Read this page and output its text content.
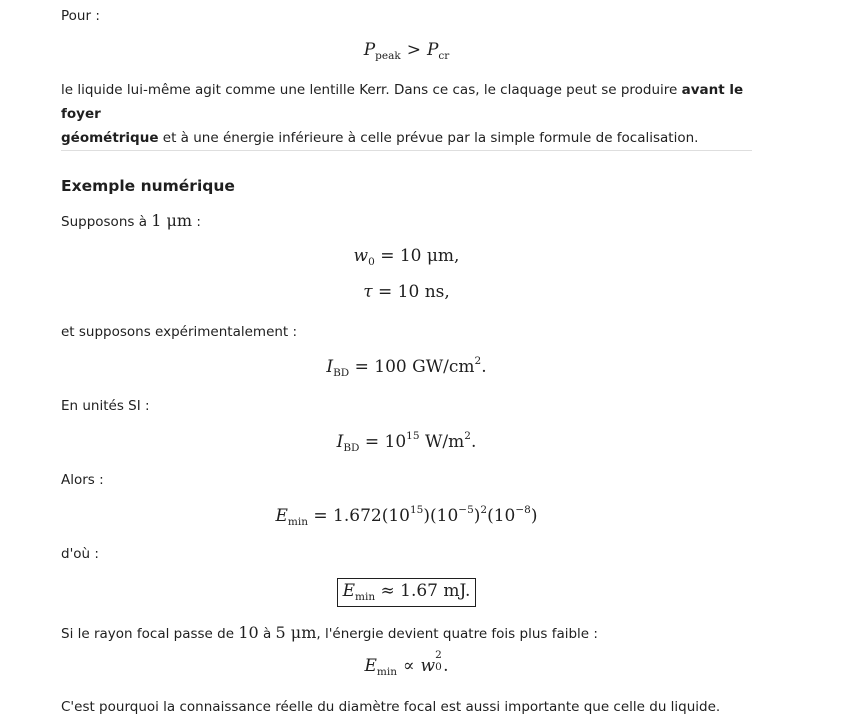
Pour :
$P_{peak} > P_{cr}$
le liquide lui-même agit comme une lentille Kerr. Dans ce cas, le claquage peut se produire avant le foyer
géométrique et à une énergie inférieure à celle prévue par la simple formule de focalisation.
Exemple numérique
Supposons à 1 μm :
$w_0 = 10$ μm,
τ = 10 ns,
et supposons expérimentalement :
$I_{BD} = 100$ $GW/cm^2$.
En unités SI :
$I_{BD} = 10^{15}$ $W/m^2$.
Alors :
$E_{min} = 1.672(10^{15})(10^{-5})^2(10^{-8})$
d'où :
$E_{min} \approx 1.67$ mJ.
Si le rayon focal passe de 10 à 5 μm, l'énergie devient quatre fois plus faible :
$E_{min} \propto w$
2
0 .
C'est pourquoi la connaissance réelle du diamètre focal est aussi importante que celle du liquide.
